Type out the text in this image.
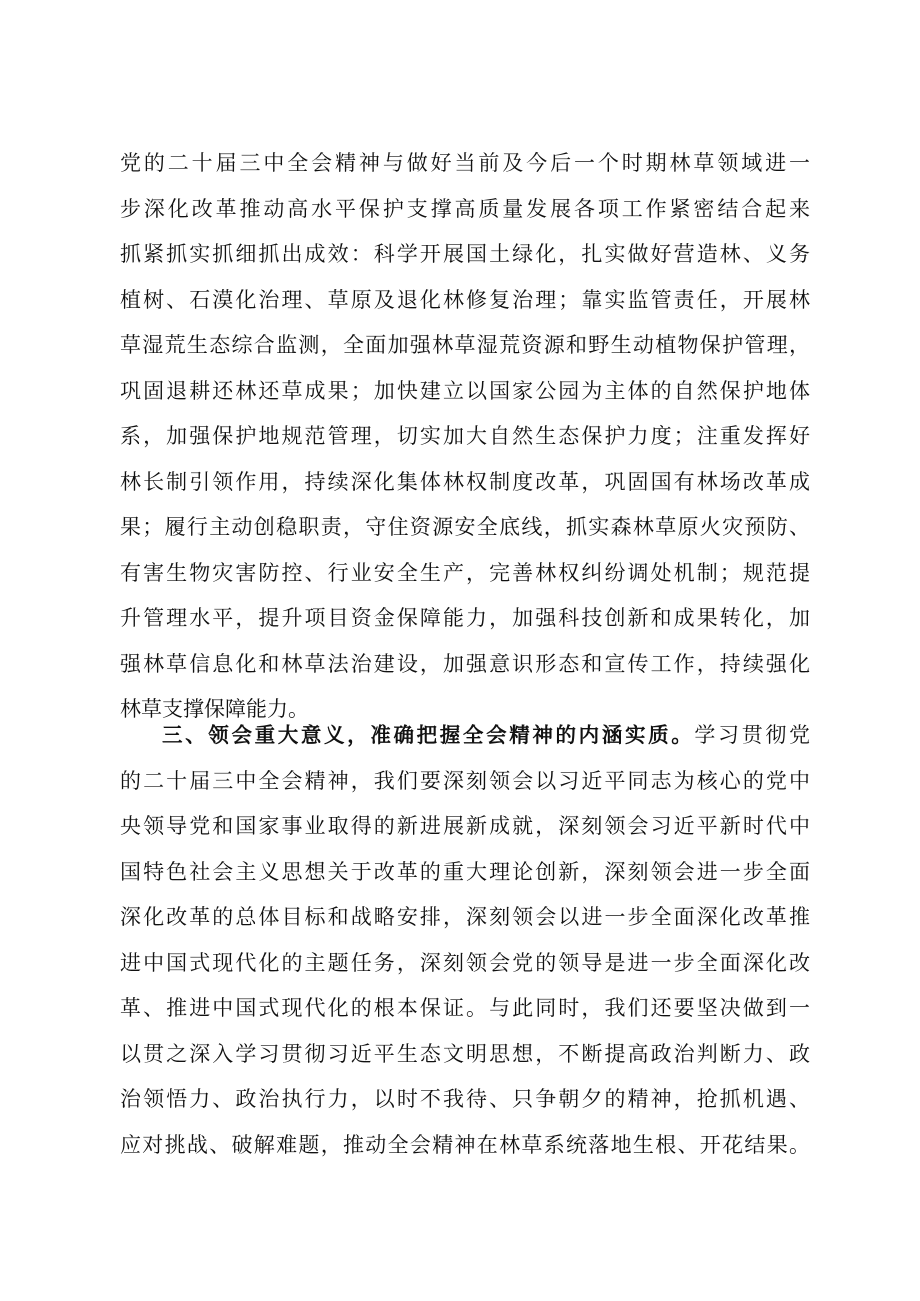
党的二十届三中全会精神与做好当前及今后一个时期林草领域进一
步深化改革推动高水平保护支撑高质量发展各项工作紧密结合起来
抓紧抓实抓细抓出成效：科学开展国土绿化，扎实做好营造林、义务
植树、石漠化治理、草原及退化林修复治理；靠实监管责任，开展林
草湿荒生态综合监测，全面加强林草湿荒资源和野生动植物保护管理，
巩固退耕还林还草成果；加快建立以国家公园为主体的自然保护地体
系，加强保护地规范管理，切实加大自然生态保护力度；注重发挥好
林长制引领作用，持续深化集体林权制度改革，巩固国有林场改革成
果；履行主动创稳职责，守住资源安全底线，抓实森林草原火灾预防、
有害生物灾害防控、行业安全生产，完善林权纠纷调处机制；规范提
升管理水平，提升项目资金保障能力，加强科技创新和成果转化，加
强林草信息化和林草法治建设，加强意识形态和宣传工作，持续强化
林草支撑保障能力。
三、领会重大意义，准确把握全会精神的内涵实质。学习贯彻党
的二十届三中全会精神，我们要深刻领会以习近平同志为核心的党中
央领导党和国家事业取得的新进展新成就，深刻领会习近平新时代中
国特色社会主义思想关于改革的重大理论创新，深刻领会进一步全面
深化改革的总体目标和战略安排，深刻领会以进一步全面深化改革推
进中国式现代化的主题任务，深刻领会党的领导是进一步全面深化改
革、推进中国式现代化的根本保证。与此同时，我们还要坚决做到一
以贯之深入学习贯彻习近平生态文明思想，不断提高政治判断力、政
治领悟力、政治执行力，以时不我待、只争朝夕的精神，抢抓机遇、
应对挑战、破解难题，推动全会精神在林草系统落地生根、开花结果。
